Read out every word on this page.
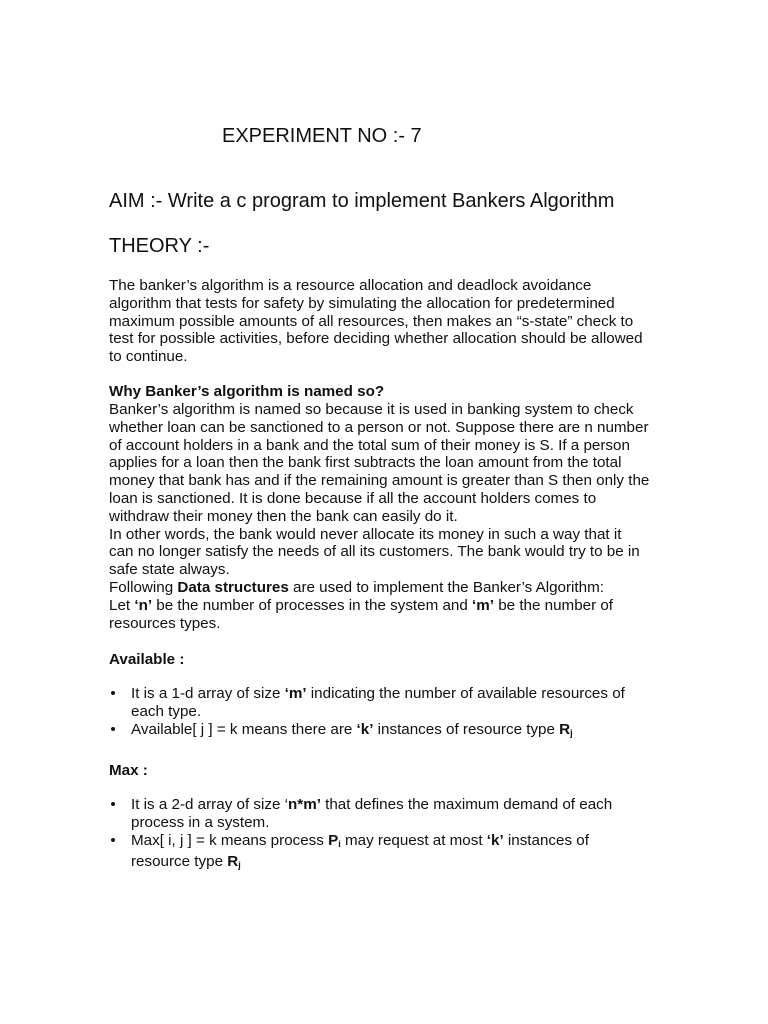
EXPERIMENT NO :- 7
AIM :- Write a c program to implement Bankers Algorithm
THEORY :-
The banker’s algorithm is a resource allocation and deadlock avoidance
algorithm that tests for safety by simulating the allocation for predetermined
maximum possible amounts of all resources, then makes an “s-state” check to
test for possible activities, before deciding whether allocation should be allowed
to continue.
Why Banker’s algorithm is named so?
Banker’s algorithm is named so because it is used in banking system to check
whether loan can be sanctioned to a person or not. Suppose there are n number
of account holders in a bank and the total sum of their money is S. If a person
applies for a loan then the bank first subtracts the loan amount from the total
money that bank has and if the remaining amount is greater than S then only the
loan is sanctioned. It is done because if all the account holders comes to
withdraw their money then the bank can easily do it.
In other words, the bank would never allocate its money in such a way that it
can no longer satisfy the needs of all its customers. The bank would try to be in
safe state always.
Following Data structures are used to implement the Banker’s Algorithm:
Let ‘n’ be the number of processes in the system and ‘m’ be the number of
resources types.
Available :
• It is a 1-d array of size ‘m’ indicating the number of available resources of
each type.
• Available[ j ] = k means there are ‘k’ instances of resource type $R_j$
Max :
• It is a 2-d array of size ‘n*m’ that defines the maximum demand of each
process in a system.
• Max[ i, j ] = k means process $P_i$ may request at most ‘k’ instances of
resource type $R_j$
